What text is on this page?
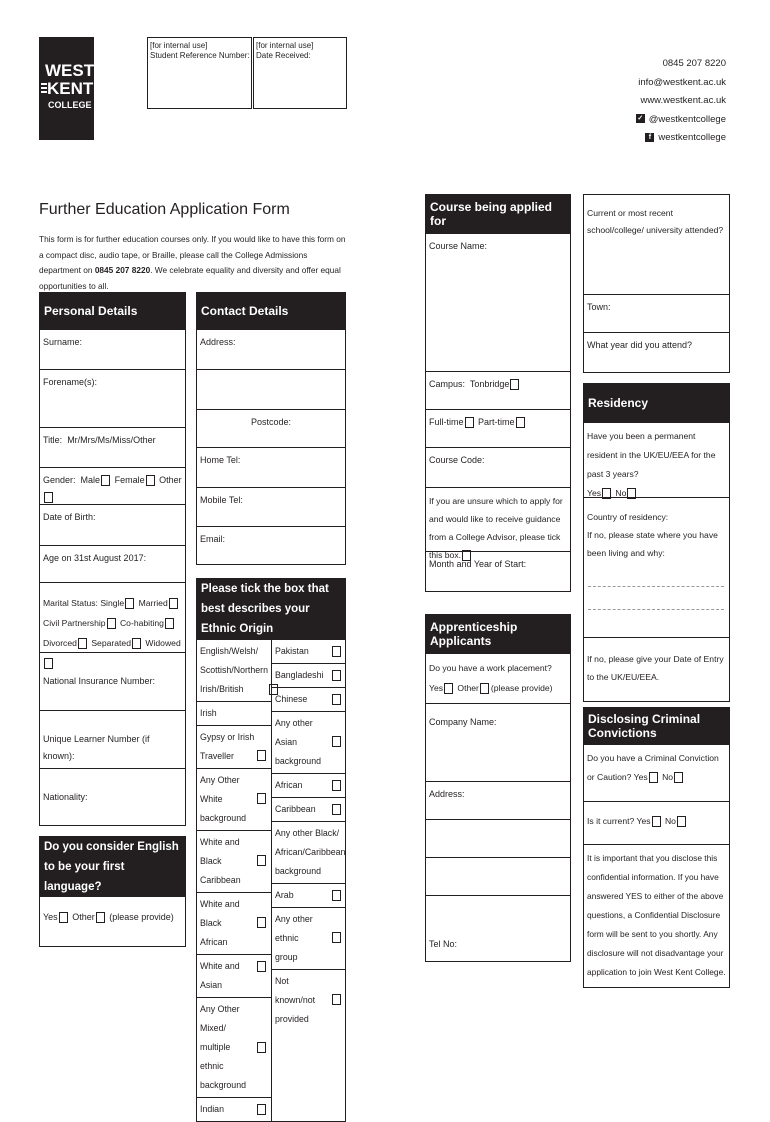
WEST
KENT
COLLEGE
[for internal use]
Student Reference Number:
[for internal use]
Date Received:
0845 207 8220
info@westkent.ac.uk
www.westkent.ac.uk
✓ @westkentcollege
f westkentcollege
Further Education Application Form
This form is for further education courses only. If you would like to have this form on a compact disc, audio tape, or Braille, please call the College Admissions department on 0845 207 8220. We celebrate equality and diversity and offer equal opportunities to all.
Personal Details
Surname:
Forename(s):
Title: Mr/Mrs/Ms/Miss/Other
Gender: Male Female Other
Date of Birth:
Age on 31st August 2017:
Marital Status: Single Married
Civil Partnership Co-habiting
Divorced Separated Widowed
National Insurance Number:
Unique Learner Number (if known):
Nationality:
Do you consider English to be your first language?
Yes Other (please provide)
Contact Details
Address:
Postcode:
Home Tel:
Mobile Tel:
Email:
Please tick the box that best describes your Ethnic Origin
English/Welsh/
Scottish/Northern
Irish/British
Irish
Gypsy or Irish
Traveller
Any Other White
background
White and Black
Caribbean
White and Black
African
White and Asian
Any Other Mixed/
multiple ethnic
background
Indian
Pakistan
Bangladeshi
Chinese
Any other Asian
background
African
Caribbean
Any other Black/
African/Caribbean
background
Arab
Any other ethnic
group
Not known/not
provided
Course being applied for
Course Name:
Campus: Tonbridge
Full-time Part-time
Course Code:
If you are unsure which to apply for and would like to receive guidance from a College Advisor, please tick this box.
Month and Year of Start:
Apprenticeship Applicants
Do you have a work placement?
Yes Other (please provide)
Company Name:
Address:
Tel No:
Current or most recent school/college/ university attended?
Town:
What year did you attend?
Residency
Have you been a permanent resident in the UK/EU/EEA for the past 3 years?
Yes No
Country of residency:
If no, please state where you have been living and why:
If no, please give your Date of Entry to the UK/EU/EEA.
Disclosing Criminal Convictions
Do you have a Criminal Conviction or Caution? Yes No
Is it current? Yes No
It is important that you disclose this confidential information. If you have answered YES to either of the above questions, a Confidential Disclosure form will be sent to you shortly. Any disclosure will not disadvantage your application to join West Kent College.
